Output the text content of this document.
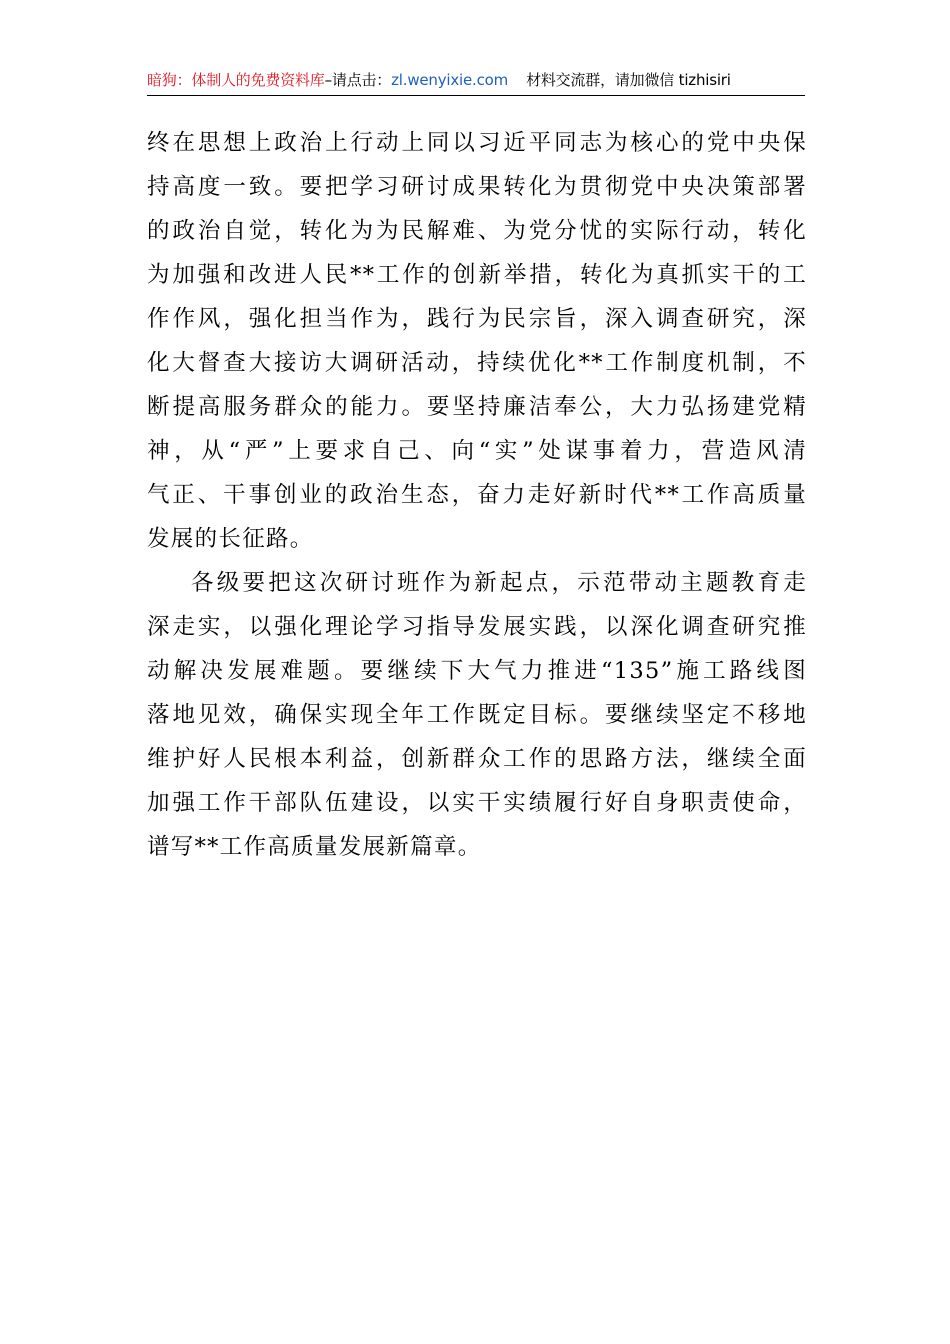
暗狗：体制人的免费资料库–请点击：zl.wenyixie.com 材料交流群，请加微信 tizhisiri
终在思想上政治上行动上同以习近平同志为核心的党中央保
持高度一致。要把学习研讨成果转化为贯彻党中央决策部署
的政治自觉，转化为为民解难、为党分忧的实际行动，转化
为加强和改进人民**工作的创新举措，转化为真抓实干的工
作作风，强化担当作为，践行为民宗旨，深入调查研究，深
化大督查大接访大调研活动，持续优化**工作制度机制，不
断提高服务群众的能力。要坚持廉洁奉公，大力弘扬建党精
神，从“严”上要求自己、向“实”处谋事着力，营造风清
气正、干事创业的政治生态，奋力走好新时代**工作高质量
发展的长征路。
各级要把这次研讨班作为新起点，示范带动主题教育走
深走实，以强化理论学习指导发展实践，以深化调查研究推
动解决发展难题。要继续下大气力推进“135”施工路线图
落地见效，确保实现全年工作既定目标。要继续坚定不移地
维护好人民根本利益，创新群众工作的思路方法，继续全面
加强工作干部队伍建设，以实干实绩履行好自身职责使命，
谱写**工作高质量发展新篇章。
